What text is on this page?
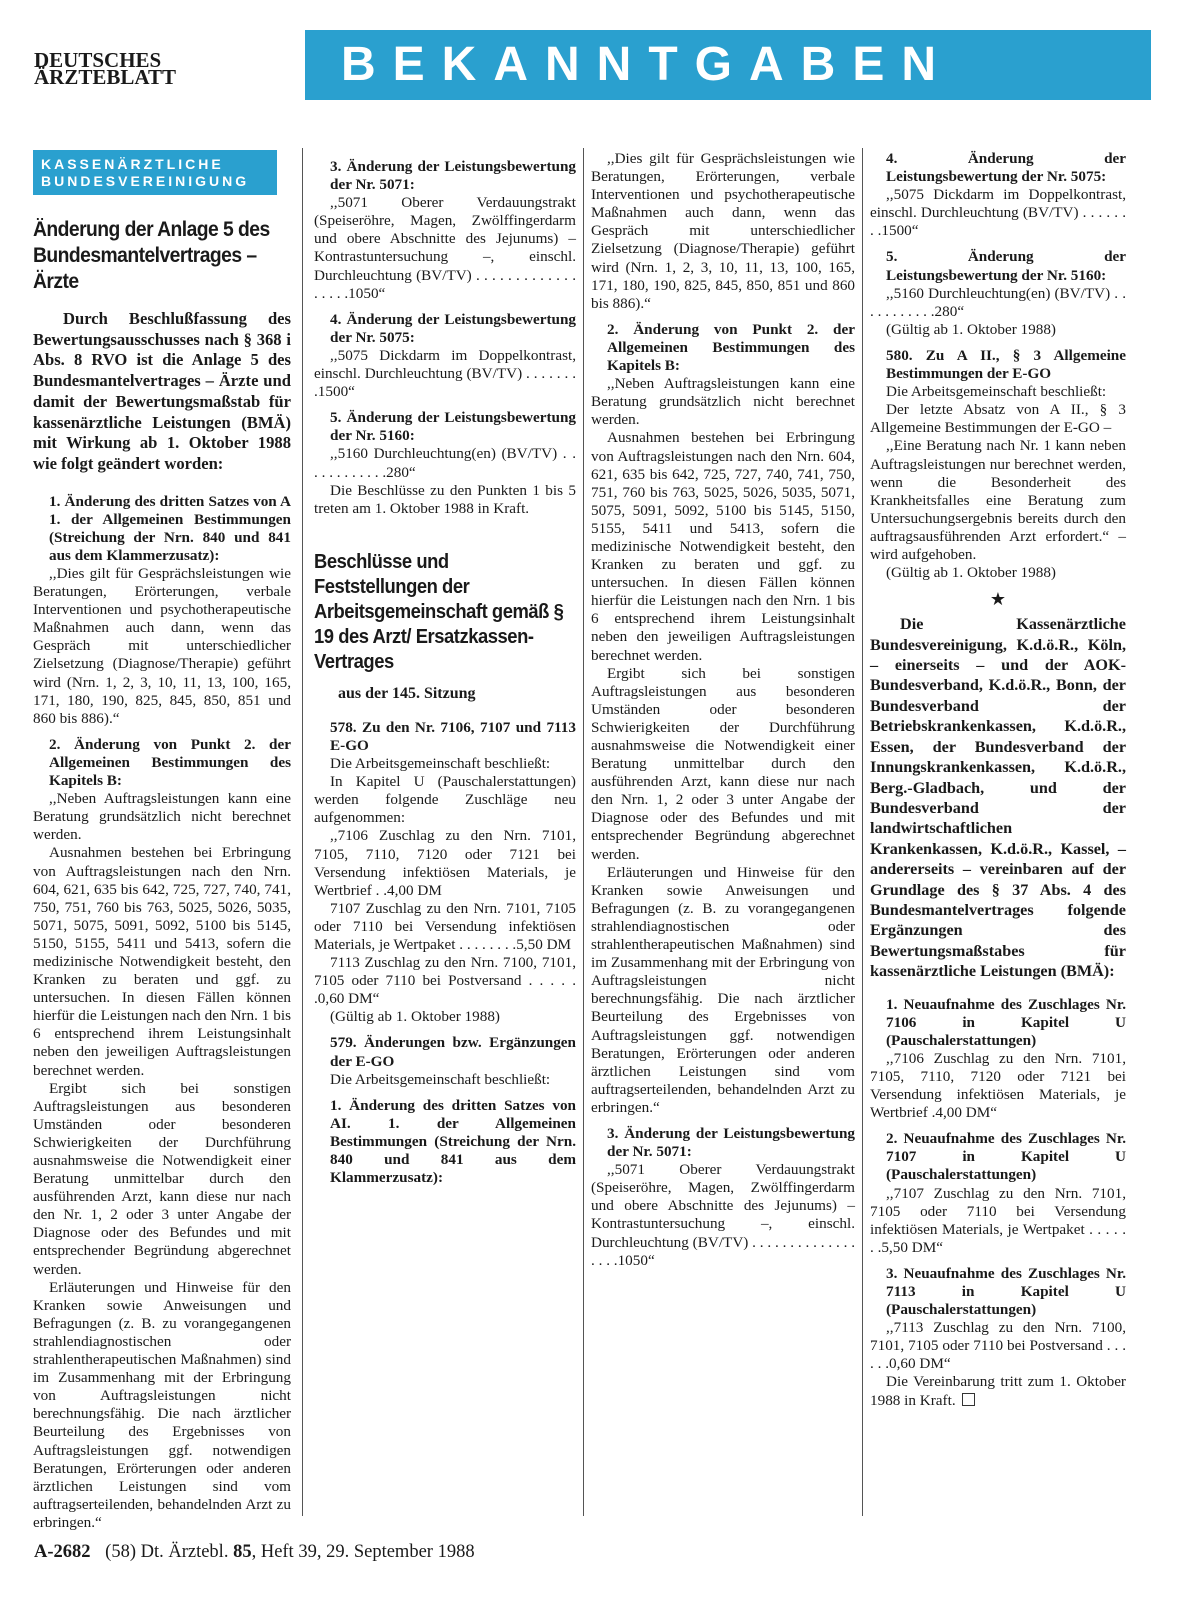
DEUTSCHES
ÄRZTEBLATT	BEKANNTGABEN
KASSENÄRZTLICHE
BUNDESVEREINIGUNG
Änderung der Anlage 5 des Bundesmantelvertrages – Ärzte

Durch Beschlußfassung des Bewertungsausschusses nach § 368 i Abs. 8 RVO ist die Anlage 5 des Bundesmantelvertrages – Ärzte und damit der Bewertungsmaßstab für kassenärztliche Leistungen (BMÄ) mit Wirkung ab 1. Oktober 1988 wie folgt geändert worden:

1. Änderung des dritten Satzes von A 1. der Allgemeinen Bestimmungen (Streichung der Nrn. 840 und 841 aus dem Klammerzusatz):

,,Dies gilt für Gesprächsleistungen wie Beratungen, Erörterungen, verbale Interventionen und psychotherapeutische Maßnahmen auch dann, wenn das Gespräch mit unterschiedlicher Zielsetzung (Diagnose/Therapie) geführt wird (Nrn. 1, 2, 3, 10, 11, 13, 100, 165, 171, 180, 190, 825, 845, 850, 851 und 860 bis 886).“

2. Änderung von Punkt 2. der Allgemeinen Bestimmungen des Kapitels B:

,,Neben Auftragsleistungen kann eine Beratung grundsätzlich nicht berechnet werden.

Ausnahmen bestehen bei Erbringung von Auftragsleistungen nach den Nrn. 604, 621, 635 bis 642, 725, 727, 740, 741, 750, 751, 760 bis 763, 5025, 5026, 5035, 5071, 5075, 5091, 5092, 5100 bis 5145, 5150, 5155, 5411 und 5413, sofern die medizinische Notwendigkeit besteht, den Kranken zu beraten und ggf. zu untersuchen. In diesen Fällen können hierfür die Leistungen nach den Nrn. 1 bis 6 entsprechend ihrem Leistungsinhalt neben den jeweiligen Auftragsleistungen berechnet werden.

Ergibt sich bei sonstigen Auftragsleistungen aus besonderen Umständen oder besonderen Schwierigkeiten der Durchführung ausnahmsweise die Notwendigkeit einer Beratung unmittelbar durch den ausführenden Arzt, kann diese nur nach den Nr. 1, 2 oder 3 unter Angabe der Diagnose oder des Befundes und mit entsprechender Begründung abgerechnet werden.

Erläuterungen und Hinweise für den Kranken sowie Anweisungen und Befragungen (z. B. zu vorangegangenen strahlendiagnostischen oder strahlentherapeutischen Maßnahmen) sind im Zusammenhang mit der Erbringung von Auftragsleistungen nicht berechnungsfähig. Die nach ärztlicher Beurteilung des Ergebnisses von Auftragsleistungen ggf. notwendigen Beratungen, Erörterungen oder anderen ärztlichen Leistungen sind vom auftragserteilenden, behandelnden Arzt zu erbringen.“

3. Änderung der Leistungsbewertung der Nr. 5071:

,,5071 Oberer Verdauungstrakt (Speiseröhre, Magen, Zwölffingerdarm und obere Abschnitte des Jejunums) – Kontrastuntersuchung –, einschl. Durchleuchtung (BV/TV) . . . . . . . . . . . . . . . . . .1050“

4. Änderung der Leistungsbewertung der Nr. 5075:

,,5075 Dickdarm im Doppelkontrast, einschl. Durchleuchtung (BV/TV) . . . . . . . .1500“

5. Änderung der Leistungsbewertung der Nr. 5160:

,,5160 Durchleuchtung(en) (BV/TV) . . . . . . . . . . . .280“

Die Beschlüsse zu den Punkten 1 bis 5 treten am 1. Oktober 1988 in Kraft.

Beschlüsse und Feststellungen der Arbeitsgemeinschaft gemäß § 19 des Arzt/ Ersatzkassen-Vertrages

aus der 145. Sitzung

578. Zu den Nr. 7106, 7107 und 7113 E-GO

Die Arbeitsgemeinschaft beschließt:

In Kapitel U (Pauschalerstattungen) werden folgende Zuschläge neu aufgenommen:

,,7106 Zuschlag zu den Nrn. 7101, 7105, 7110, 7120 oder 7121 bei Versendung infektiösen Materials, je Wertbrief . .4,00 DM

7107 Zuschlag zu den Nrn. 7101, 7105 oder 7110 bei Versendung infektiösen Materials, je Wertpaket . . . . . . . .5,50 DM

7113 Zuschlag zu den Nrn. 7100, 7101, 7105 oder 7110 bei Postversand . . . . . .0,60 DM“

(Gültig ab 1. Oktober 1988)

579. Änderungen bzw. Ergänzungen der E-GO

Die Arbeitsgemeinschaft beschließt:

1. Änderung des dritten Satzes von AI. 1. der Allgemeinen Bestimmungen (Streichung der Nrn. 840 und 841 aus dem Klammerzusatz):

,,Dies gilt für Gesprächsleistungen wie Beratungen, Erörterungen, verbale Interventionen und psychotherapeutische Maßnahmen auch dann, wenn das Gespräch mit unterschiedlicher Zielsetzung (Diagnose/Therapie) geführt wird (Nrn. 1, 2, 3, 10, 11, 13, 100, 165, 171, 180, 190, 825, 845, 850, 851 und 860 bis 886).“

2. Änderung von Punkt 2. der Allgemeinen Bestimmungen des Kapitels B:

,,Neben Auftragsleistungen kann eine Beratung grundsätzlich nicht berechnet werden.

Ausnahmen bestehen bei Erbringung von Auftragsleistungen nach den Nrn. 604, 621, 635 bis 642, 725, 727, 740, 741, 750, 751, 760 bis 763, 5025, 5026, 5035, 5071, 5075, 5091, 5092, 5100 bis 5145, 5150, 5155, 5411 und 5413, sofern die medizinische Notwendigkeit besteht, den Kranken zu beraten und ggf. zu untersuchen. In diesen Fällen können hierfür die Leistungen nach den Nrn. 1 bis 6 entsprechend ihrem Leistungsinhalt neben den jeweiligen Auftragsleistungen berechnet werden.

Ergibt sich bei sonstigen Auftragsleistungen aus besonderen Umständen oder besonderen Schwierigkeiten der Durchführung ausnahmsweise die Notwendigkeit einer Beratung unmittelbar durch den ausführenden Arzt, kann diese nur nach den Nrn. 1, 2 oder 3 unter Angabe der Diagnose oder des Befundes und mit entsprechender Begründung abgerechnet werden.

Erläuterungen und Hinweise für den Kranken sowie Anweisungen und Befragungen (z. B. zu vorangegangenen strahlendiagnostischen oder strahlentherapeutischen Maßnahmen) sind im Zusammenhang mit der Erbringung von Auftragsleistungen nicht berechnungsfähig. Die nach ärztlicher Beurteilung des Ergebnisses von Auftragsleistungen ggf. notwendigen Beratungen, Erörterungen oder anderen ärztlichen Leistungen sind vom auftragserteilenden, behandelnden Arzt zu erbringen.“

3. Änderung der Leistungsbewertung der Nr. 5071:

,,5071 Oberer Verdauungstrakt (Speiseröhre, Magen, Zwölffingerdarm und obere Abschnitte des Jejunums) – Kontrastuntersuchung –, einschl. Durchleuchtung (BV/TV) . . . . . . . . . . . . . . . . . .1050“

4. Änderung der Leistungsbewertung der Nr. 5075:

,,5075 Dickdarm im Doppelkontrast, einschl. Durchleuchtung (BV/TV) . . . . . . . .1500“

5. Änderung der Leistungsbewertung der Nr. 5160:

,,5160 Durchleuchtung(en) (BV/TV) . . . . . . . . . . .280“

(Gültig ab 1. Oktober 1988)

580. Zu A II., § 3 Allgemeine Bestimmungen der E-GO

Die Arbeitsgemeinschaft beschließt:

Der letzte Absatz von A II., § 3 Allgemeine Bestimmungen der E-GO –

,,Eine Beratung nach Nr. 1 kann neben Auftragsleistungen nur berechnet werden, wenn die Besonderheit des Krankheitsfalles eine Beratung zum Untersuchungsergebnis bereits durch den auftragsausführenden Arzt erfordert.“ – wird aufgehoben.

(Gültig ab 1. Oktober 1988)

★

Die Kassenärztliche Bundesvereinigung, K.d.ö.R., Köln, – einerseits – und der AOK-Bundesverband, K.d.ö.R., Bonn, der Bundesverband der Betriebskrankenkassen, K.d.ö.R., Essen, der Bundesverband der Innungskrankenkassen, K.d.ö.R., Berg.-Gladbach, und der Bundesverband der landwirtschaftlichen Krankenkassen, K.d.ö.R., Kassel, – andererseits – vereinbaren auf der Grundlage des § 37 Abs. 4 des Bundesmantelvertrages folgende Ergänzungen des Bewertungsmaßstabes für kassenärztliche Leistungen (BMÄ):

1. Neuaufnahme des Zuschlages Nr. 7106 in Kapitel U (Pauschalerstattungen)

,,7106 Zuschlag zu den Nrn. 7101, 7105, 7110, 7120 oder 7121 bei Versendung infektiösen Materials, je Wertbrief .4,00 DM“

2. Neuaufnahme des Zuschlages Nr. 7107 in Kapitel U (Pauschalerstattungen)

,,7107 Zuschlag zu den Nrn. 7101, 7105 oder 7110 bei Versendung infektiösen Materials, je Wertpaket . . . . . . .5,50 DM“

3. Neuaufnahme des Zuschlages Nr. 7113 in Kapitel U (Pauschalerstattungen)

,,7113 Zuschlag zu den Nrn. 7100, 7101, 7105 oder 7110 bei Postversand . . . . . .0,60 DM“

Die Vereinbarung tritt zum 1. Oktober 1988 in Kraft.

A-2682 (58) Dt. Ärztebl. 85, Heft 39, 29. September 1988
